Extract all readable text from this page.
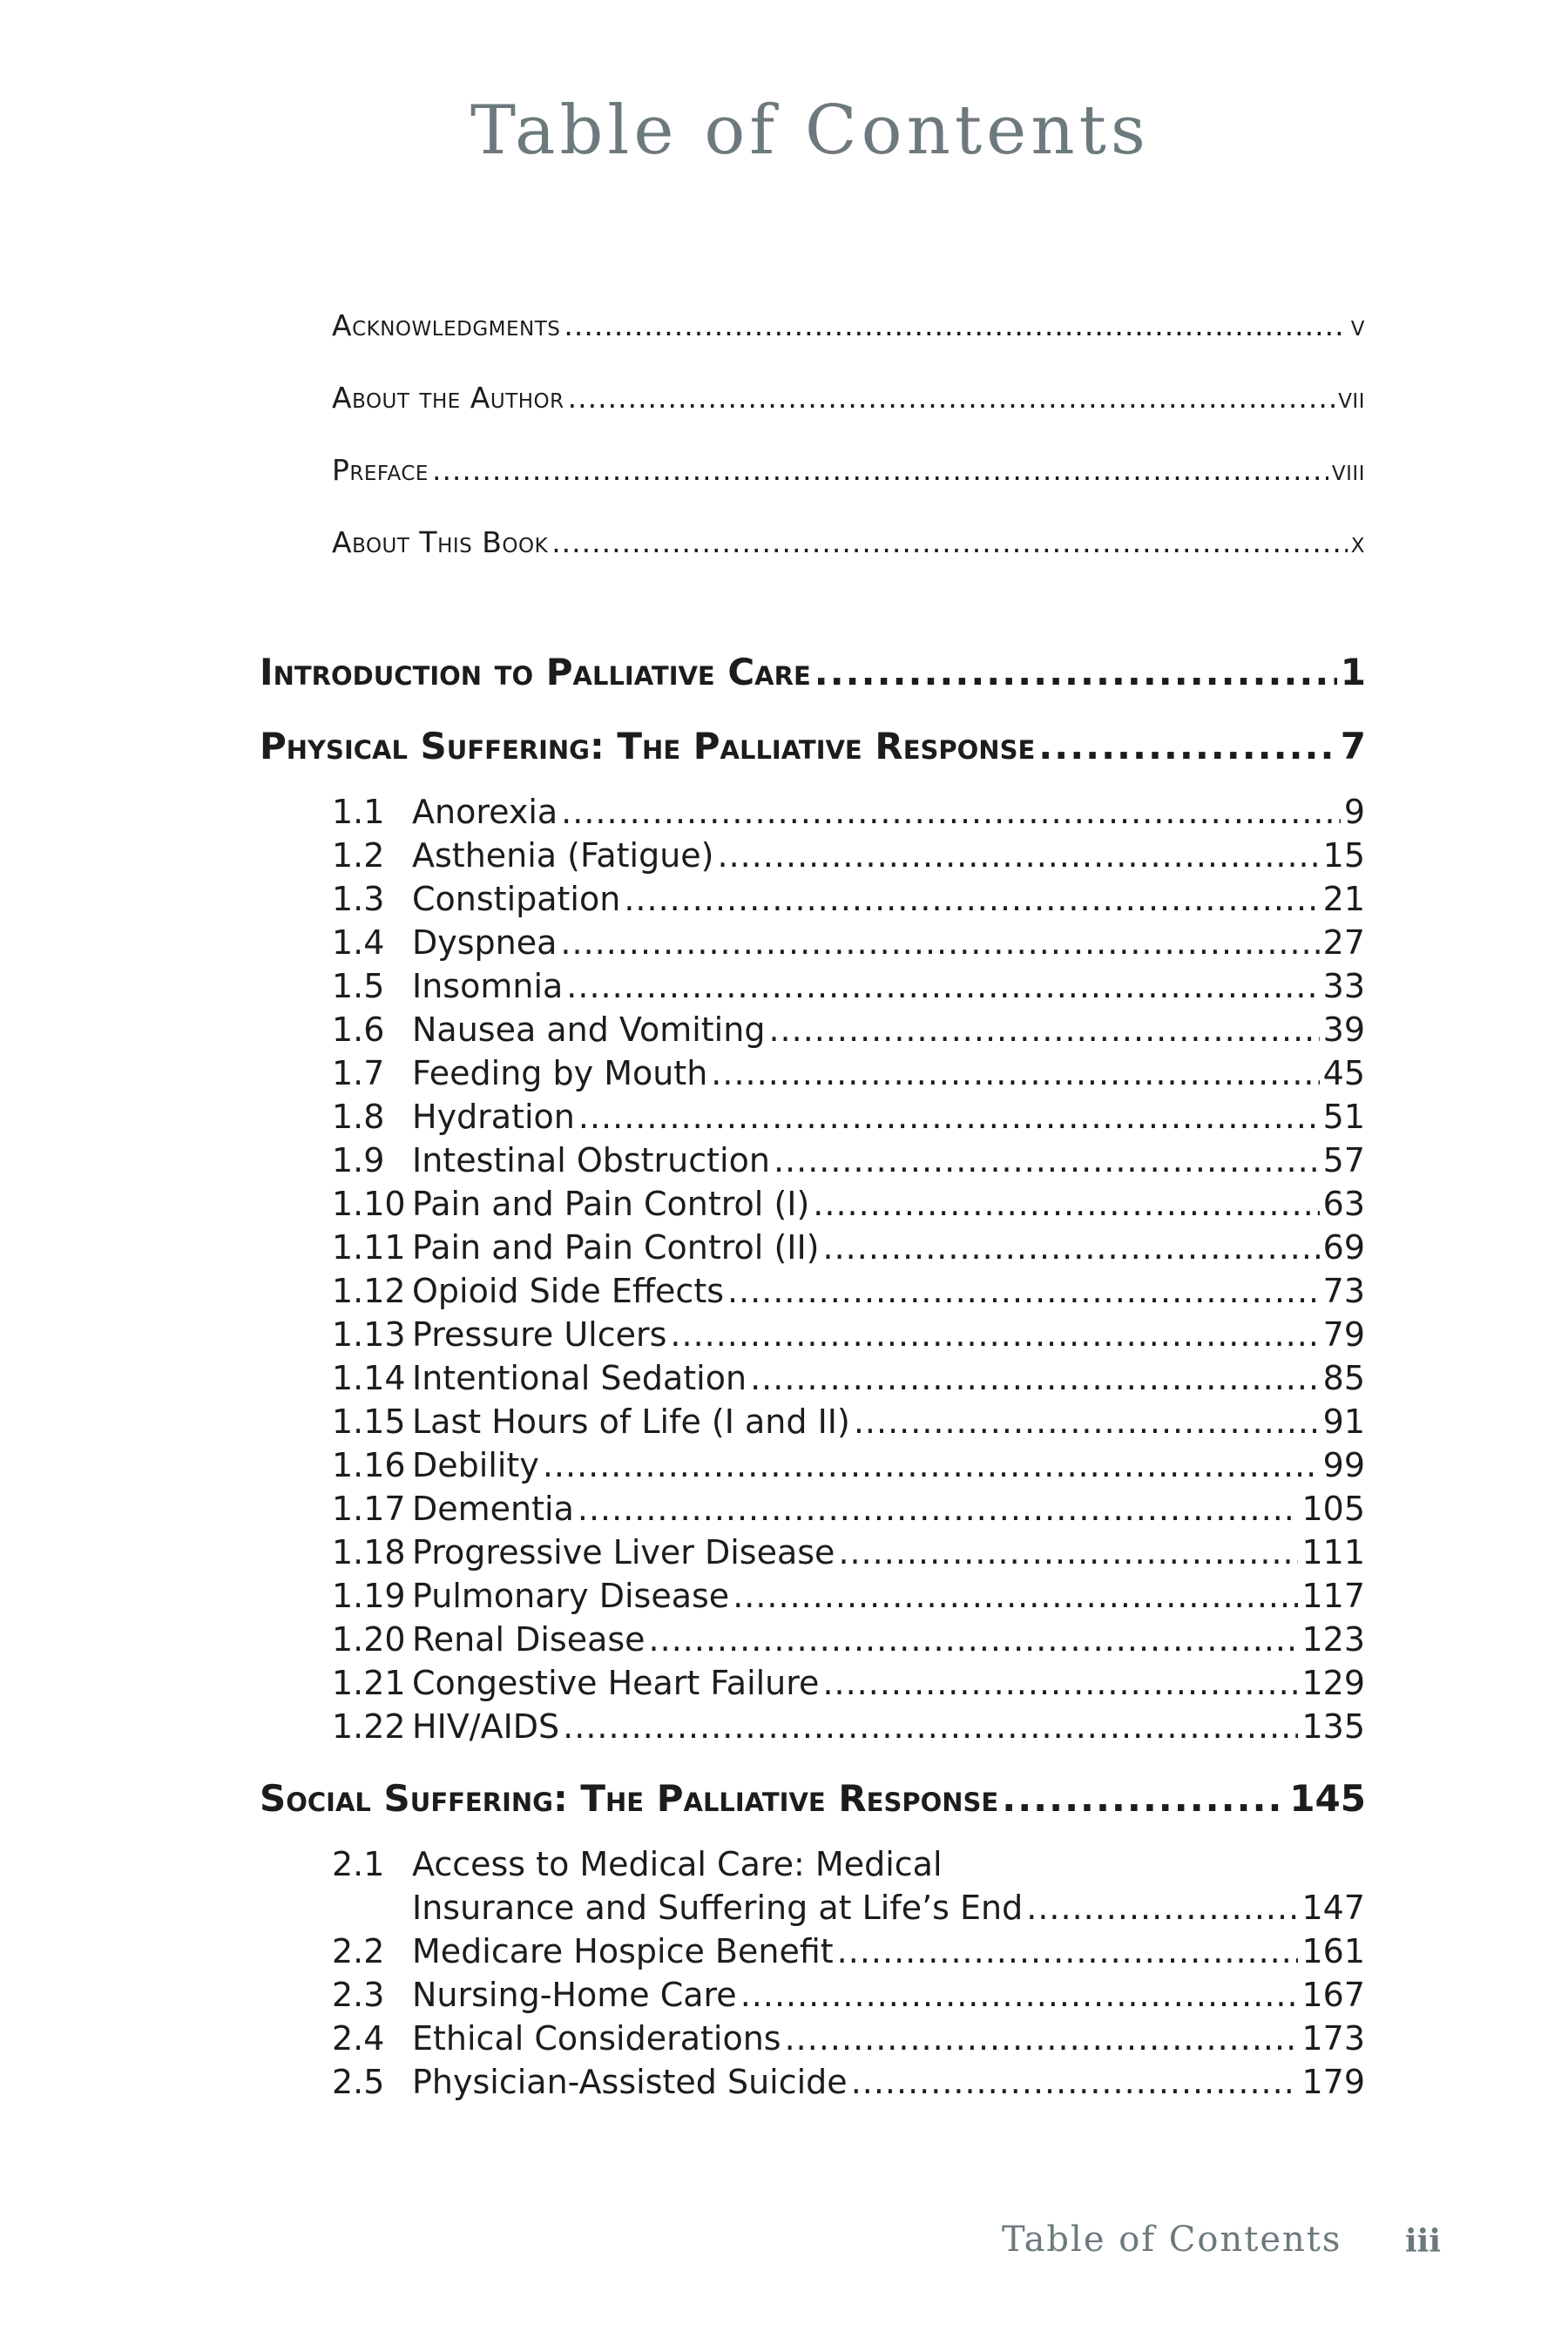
Table of Contents
Acknowledgments .....	v
About the Author .....	vii
Preface .....	viii
About This Book .....	x
Introduction to Palliative Care .....	1
Physical Suffering: The Palliative Response .....	7
1.1 Anorexia .....	9
1.2 Asthenia (Fatigue) .....	15
1.3 Constipation .....	21
1.4 Dyspnea .....	27
1.5 Insomnia .....	33
1.6 Nausea and Vomiting .....	39
1.7 Feeding by Mouth .....	45
1.8 Hydration .....	51
1.9 Intestinal Obstruction .....	57
1.10 Pain and Pain Control (I) .....	63
1.11 Pain and Pain Control (II) .....	69
1.12 Opioid Side Effects .....	73
1.13 Pressure Ulcers .....	79
1.14 Intentional Sedation .....	85
1.15 Last Hours of Life (I and II) .....	91
1.16 Debility .....	99
1.17 Dementia .....	105
1.18 Progressive Liver Disease .....	111
1.19 Pulmonary Disease .....	117
1.20 Renal Disease .....	123
1.21 Congestive Heart Failure .....	129
1.22 HIV/AIDS .....	135
Social Suffering: The Palliative Response .....	145
2.1 Access to Medical Care: Medical
Insurance and Suffering at Life’s End .....	147
2.2 Medicare Hospice Benefit .....	161
2.3 Nursing-Home Care .....	167
2.4 Ethical Considerations .....	173
2.5 Physician-Assisted Suicide .....	179
Table of Contents iii
